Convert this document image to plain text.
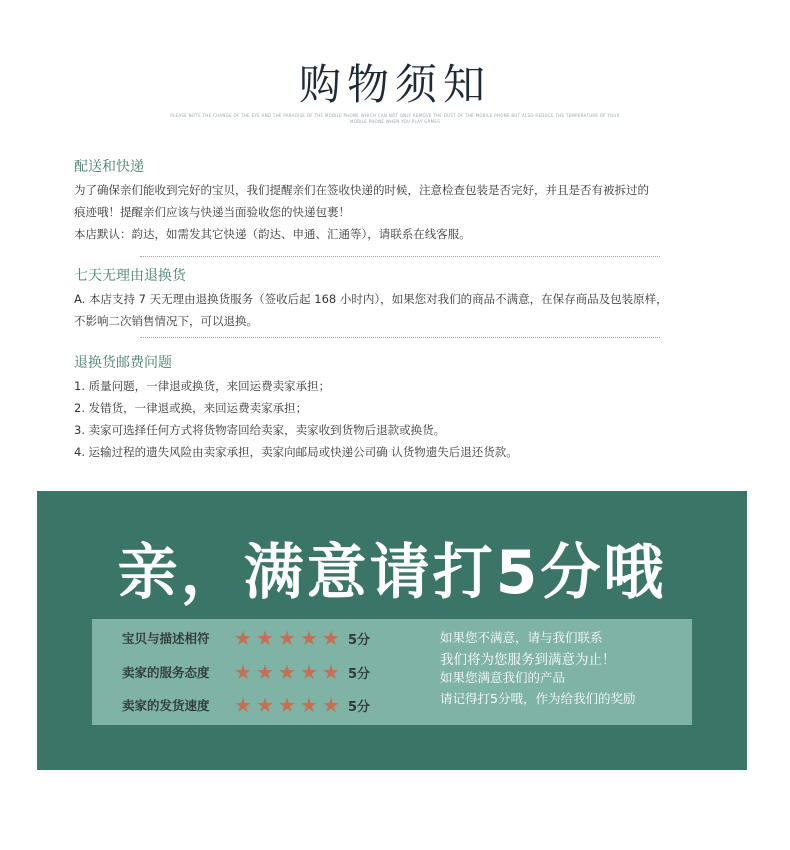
购物须知
PLEASE NOTE THE CHANGE OF THE EYE AND THE PARADISE OF THE MOBILE PHONE WHICH CAN NOT ONLY REMOVE THE DUST OF THE MOBILE PHONE BUT ALSO REDUCE THE TEMPERATURE OF YOUR MOBILE PHONE WHEN YOU PLAY GAMES
配送和快递
为了确保亲们能收到完好的宝贝，我们提醒亲们在签收快递的时候，注意检查包装是否完好，并且是否有被拆过的
痕迹哦！提醒亲们应该与快递当面验收您的快递包裹！
本店默认：韵达，如需发其它快递（韵达、申通、汇通等），请联系在线客服。
七天无理由退换货
A. 本店支持 7 天无理由退换货服务（签收后起 168 小时内），如果您对我们的商品不满意，在保存商品及包装原样，
不影响二次销售情况下，可以退换。
退换货邮费问题
1. 质量问题，一律退或换货，来回运费卖家承担；
2. 发错货，一律退或换，来回运费卖家承担；
3. 卖家可选择任何方式将货物寄回给卖家，卖家收到货物后退款或换货。
4. 运输过程的遗失风险由卖家承担，卖家向邮局或快递公司确 认货物遗失后退还货款。
亲，满意请打5分哦
宝贝与描述相符	★ ★ ★ ★ ★ 5分
卖家的服务态度	★ ★ ★ ★ ★ 5分
卖家的发货速度	★ ★ ★ ★ ★ 5分
如果您不满意，请与我们联系
我们将为您服务到满意为止！
如果您满意我们的产品
请记得打5分哦，作为给我们的奖励
